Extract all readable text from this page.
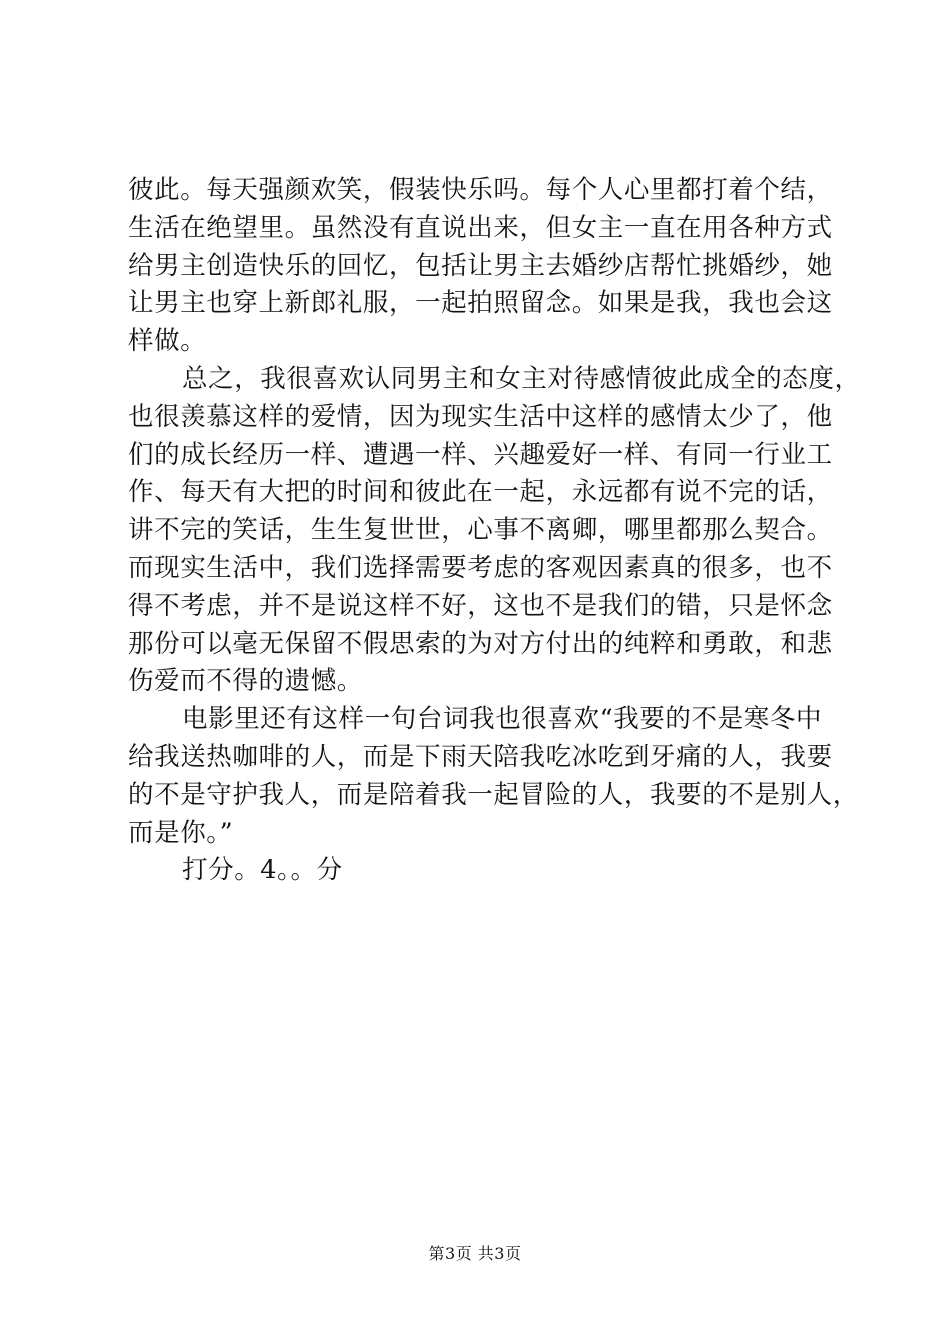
彼此。每天强颜欢笑，假装快乐吗。每个人心里都打着个结，
生活在绝望里。虽然没有直说出来，但女主一直在用各种方式
给男主创造快乐的回忆，包括让男主去婚纱店帮忙挑婚纱，她
让男主也穿上新郎礼服，一起拍照留念。如果是我，我也会这
样做。
总之，我很喜欢认同男主和女主对待感情彼此成全的态度，
也很羡慕这样的爱情，因为现实生活中这样的感情太少了，他
们的成长经历一样、遭遇一样、兴趣爱好一样、有同一行业工
作、每天有大把的时间和彼此在一起，永远都有说不完的话，
讲不完的笑话，生生复世世，心事不离卿，哪里都那么契合。
而现实生活中，我们选择需要考虑的客观因素真的很多，也不
得不考虑，并不是说这样不好，这也不是我们的错，只是怀念
那份可以毫无保留不假思索的为对方付出的纯粹和勇敢，和悲
伤爱而不得的遗憾。
电影里还有这样一句台词我也很喜欢“我要的不是寒冬中
给我送热咖啡的人，而是下雨天陪我吃冰吃到牙痛的人，我要
的不是守护我人，而是陪着我一起冒险的人，我要的不是别人，
而是你。”
打分。4。。分
第3页 共3页
